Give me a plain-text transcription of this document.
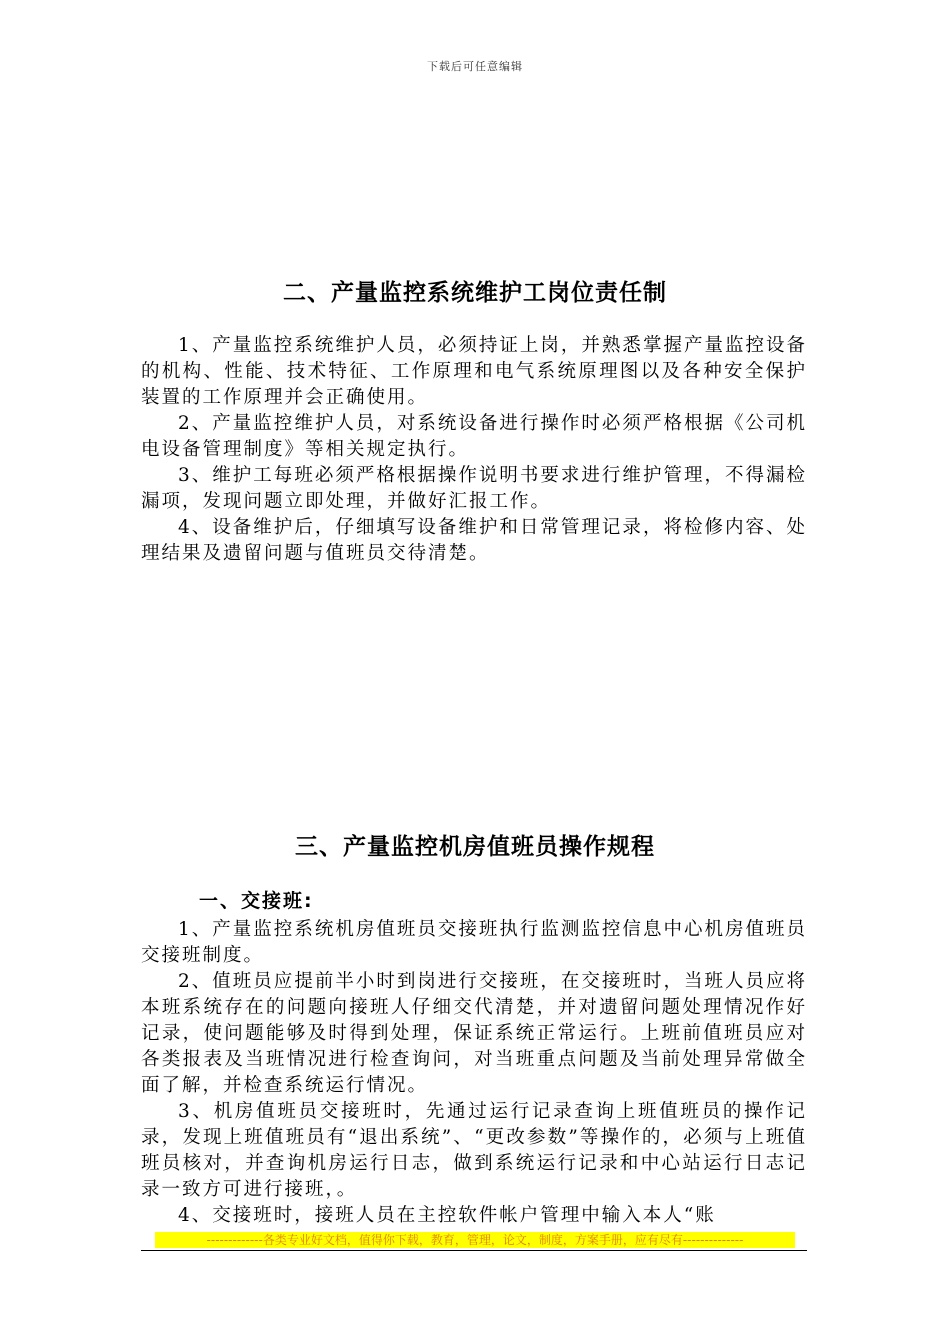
下载后可任意编辑
二、产量监控系统维护工岗位责任制

1、产量监控系统维护人员，必须持证上岗，并熟悉掌握产量监控设备的机构、性能、技术特征、工作原理和电气系统原理图以及各种安全保护装置的工作原理并会正确使用。

2、产量监控维护人员，对系统设备进行操作时必须严格根据《公司机电设备管理制度》等相关规定执行。

3、维护工每班必须严格根据操作说明书要求进行维护管理，不得漏检漏项，发现问题立即处理，并做好汇报工作。

4、设备维护后，仔细填写设备维护和日常管理记录，将检修内容、处理结果及遗留问题与值班员交待清楚。

三、产量监控机房值班员操作规程
一、交接班:

1、产量监控系统机房值班员交接班执行监测监控信息中心机房值班员交接班制度。

2、值班员应提前半小时到岗进行交接班，在交接班时，当班人员应将本班系统存在的问题向接班人仔细交代清楚，并对遗留问题处理情况作好记录，使问题能够及时得到处理，保证系统正常运行。上班前值班员应对各类报表及当班情况进行检查询问，对当班重点问题及当前处理异常做全面了解，并检查系统运行情况。

3、机房值班员交接班时，先通过运行记录查询上班值班员的操作记录，发现上班值班员有“退出系统”、“更改参数”等操作的，必须与上班值班员核对，并查询机房运行日志，做到系统运行记录和中心站运行日志记录一致方可进行接班，。

4、交接班时，接班人员在主控软件帐户管理中输入本人“账

-------------各类专业好文档，值得你下载，教育，管理，论文，制度，方案手册，应有尽有--------------
